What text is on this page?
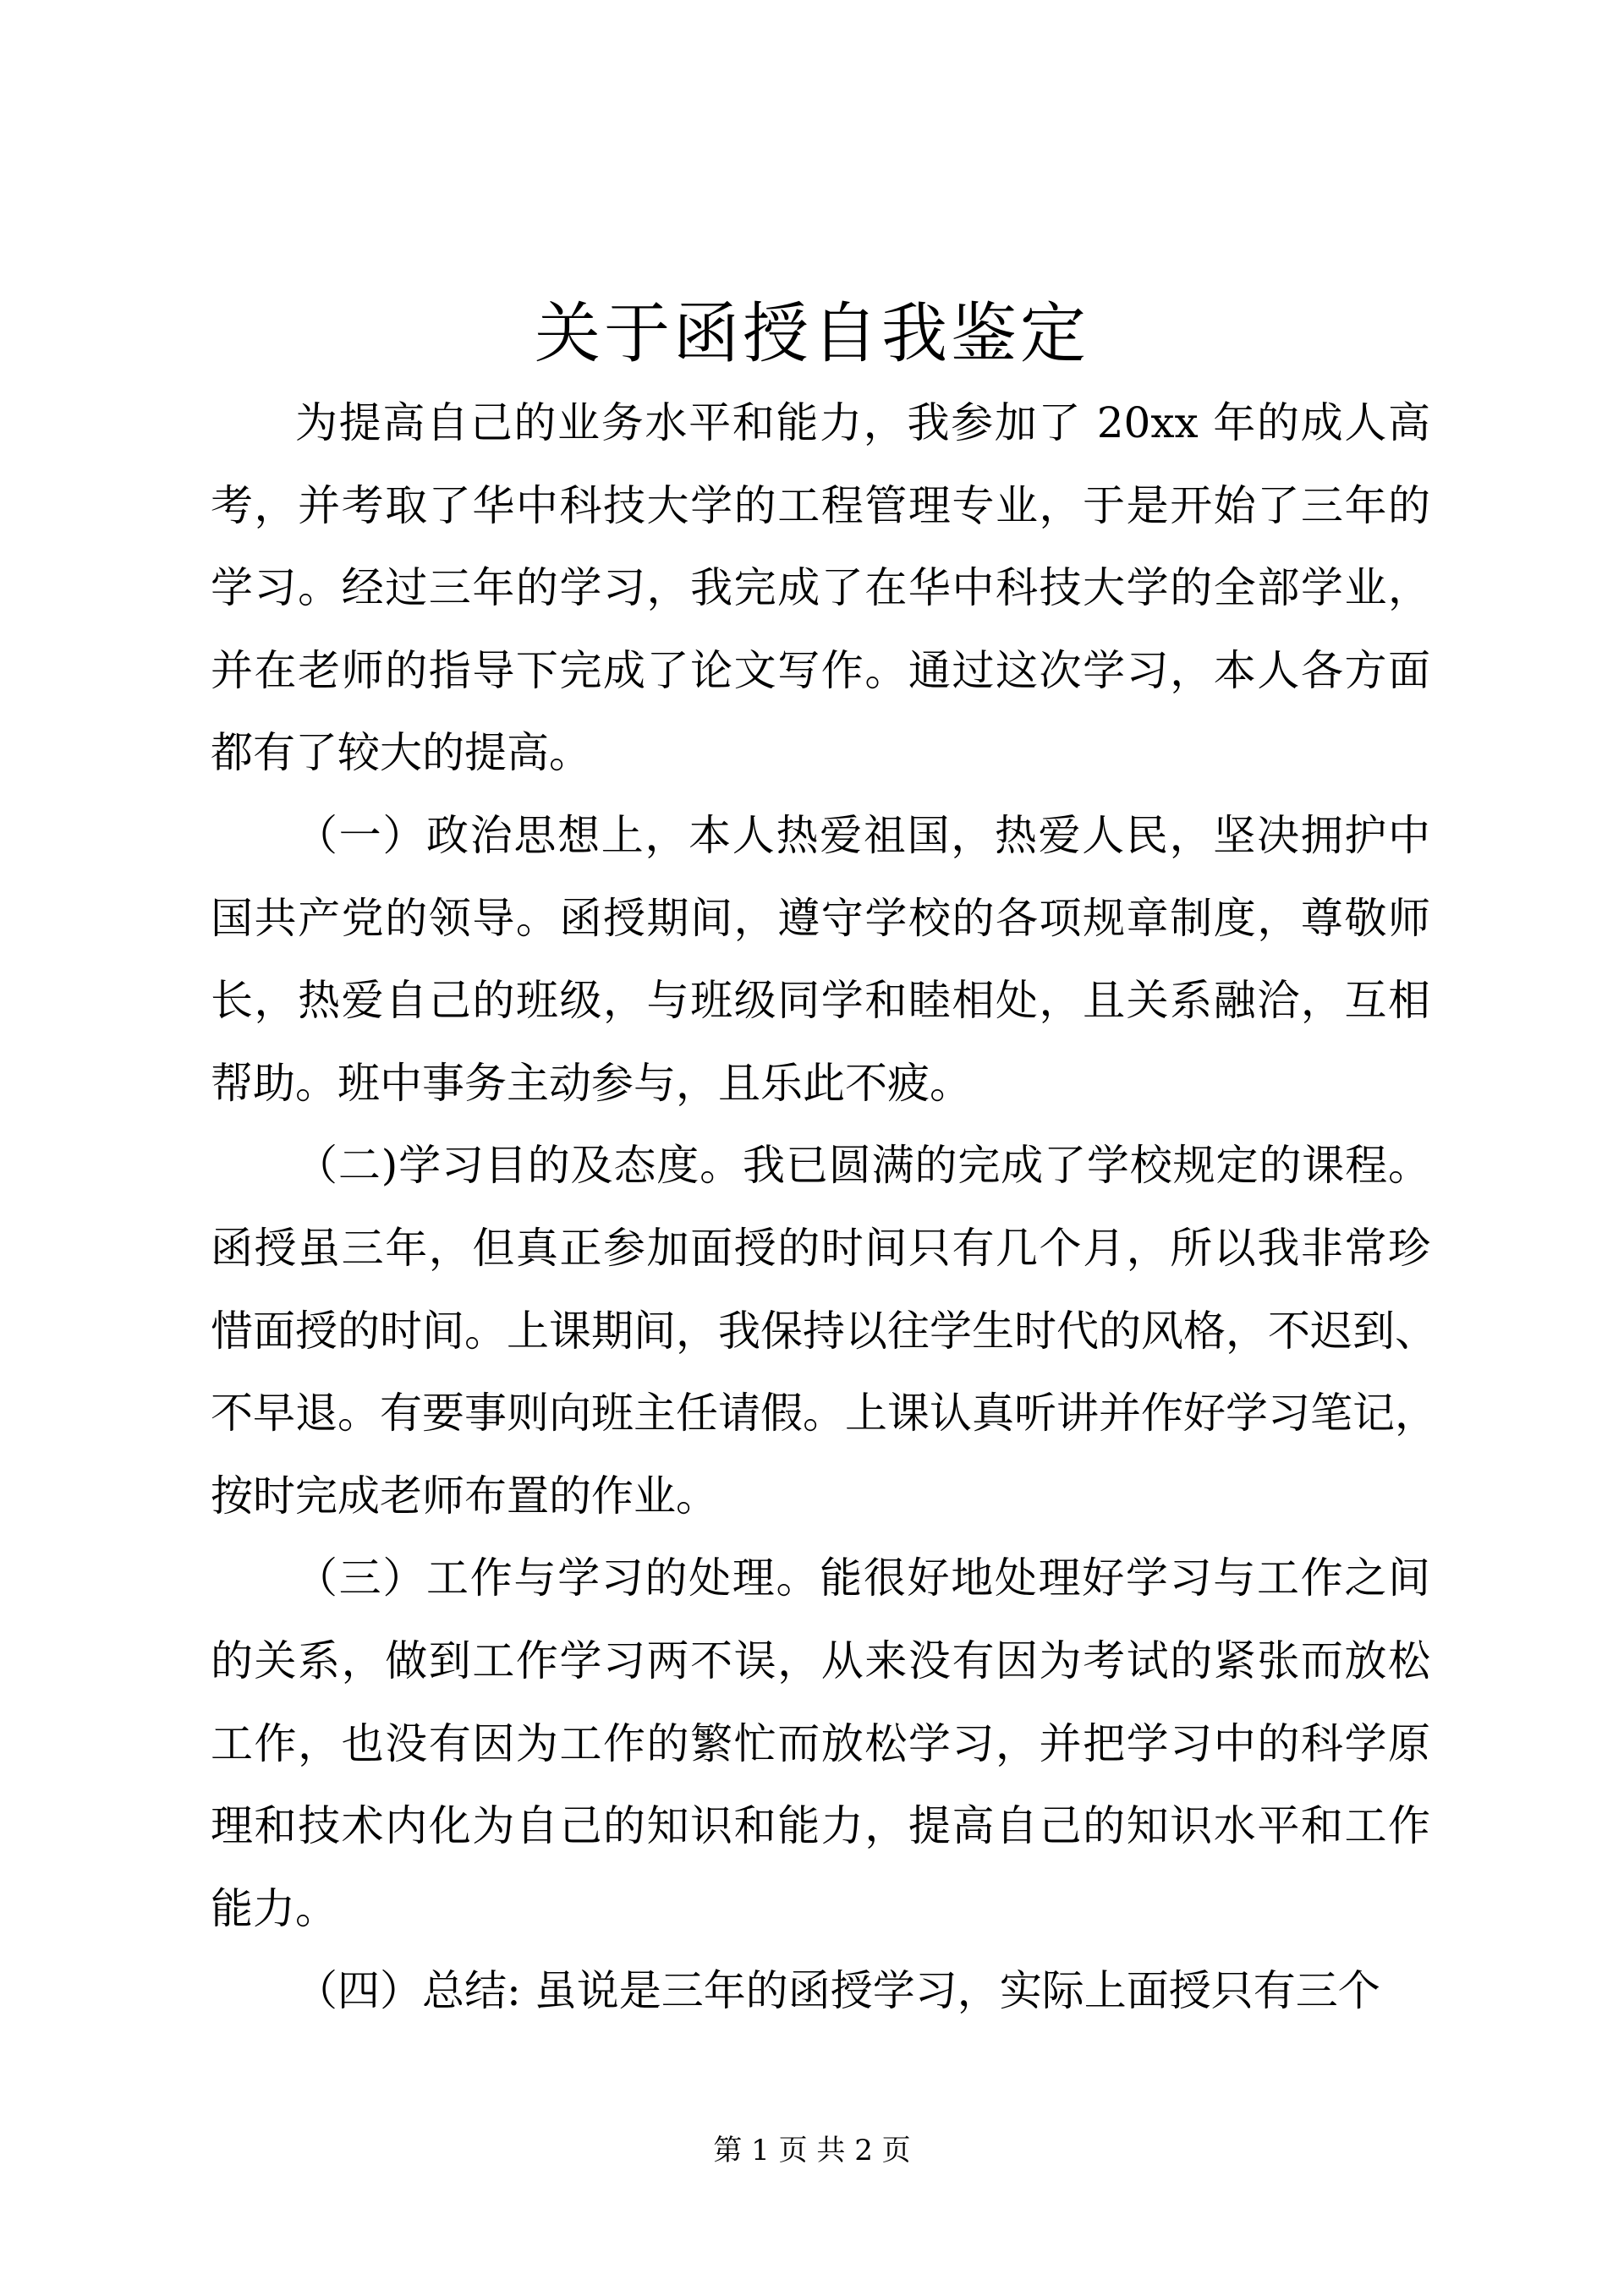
关于函授自我鉴定
为提高自己的业务水平和能力，我参加了 20xx 年的成人高
考，并考取了华中科技大学的工程管理专业，于是开始了三年的
学习。经过三年的学习，我完成了在华中科技大学的全部学业，
并在老师的指导下完成了论文写作。通过这次学习，本人各方面
都有了较大的提高。
（一）政治思想上，本人热爱祖国，热爱人民，坚决拥护中
国共产党的领导。函授期间，遵守学校的各项规章制度，尊敬师
长，热爱自己的班级，与班级同学和睦相处，且关系融洽，互相
帮助。班中事务主动参与，且乐此不疲。
（二)学习目的及态度。我已圆满的完成了学校规定的课程。
函授虽三年，但真正参加面授的时间只有几个月，所以我非常珍
惜面授的时间。上课期间，我保持以往学生时代的风格，不迟到、
不早退。有要事则向班主任请假。上课认真听讲并作好学习笔记，
按时完成老师布置的作业。
（三）工作与学习的处理。能很好地处理好学习与工作之间
的关系，做到工作学习两不误，从来没有因为考试的紧张而放松
工作，也没有因为工作的繁忙而放松学习，并把学习中的科学原
理和技术内化为自己的知识和能力，提高自己的知识水平和工作
能力。
（四）总结: 虽说是三年的函授学习，实际上面授只有三个
第 1 页 共 2 页
